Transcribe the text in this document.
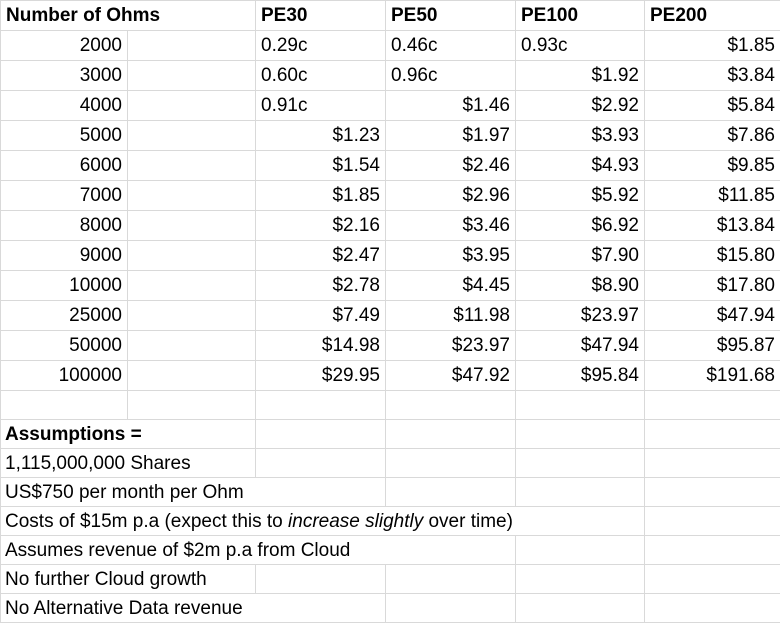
Number of Ohms		PE30	PE50	PE100	PE200
2000		0.29c	0.46c	0.93c	$1.85
3000		0.60c	0.96c	$1.92	$3.84
4000		0.91c	$1.46	$2.92	$5.84
5000		$1.23	$1.97	$3.93	$7.86
6000		$1.54	$2.46	$4.93	$9.85
7000		$1.85	$2.96	$5.92	$11.85
8000		$2.16	$3.46	$6.92	$13.84
9000		$2.47	$3.95	$7.90	$15.80
10000		$2.78	$4.45	$8.90	$17.80
25000		$7.49	$11.98	$23.97	$47.94
50000		$14.98	$23.97	$47.94	$95.87
100000		$29.95	$47.92	$95.84	$191.68

Assumptions =					

1,115,000,000 Shares					

US$750 per month per Ohm					

Costs of $15m p.a (expect this to increase slightly over time)					

Assumes revenue of $2m p.a from Cloud					

No further Cloud growth					

No Alternative Data revenue					
